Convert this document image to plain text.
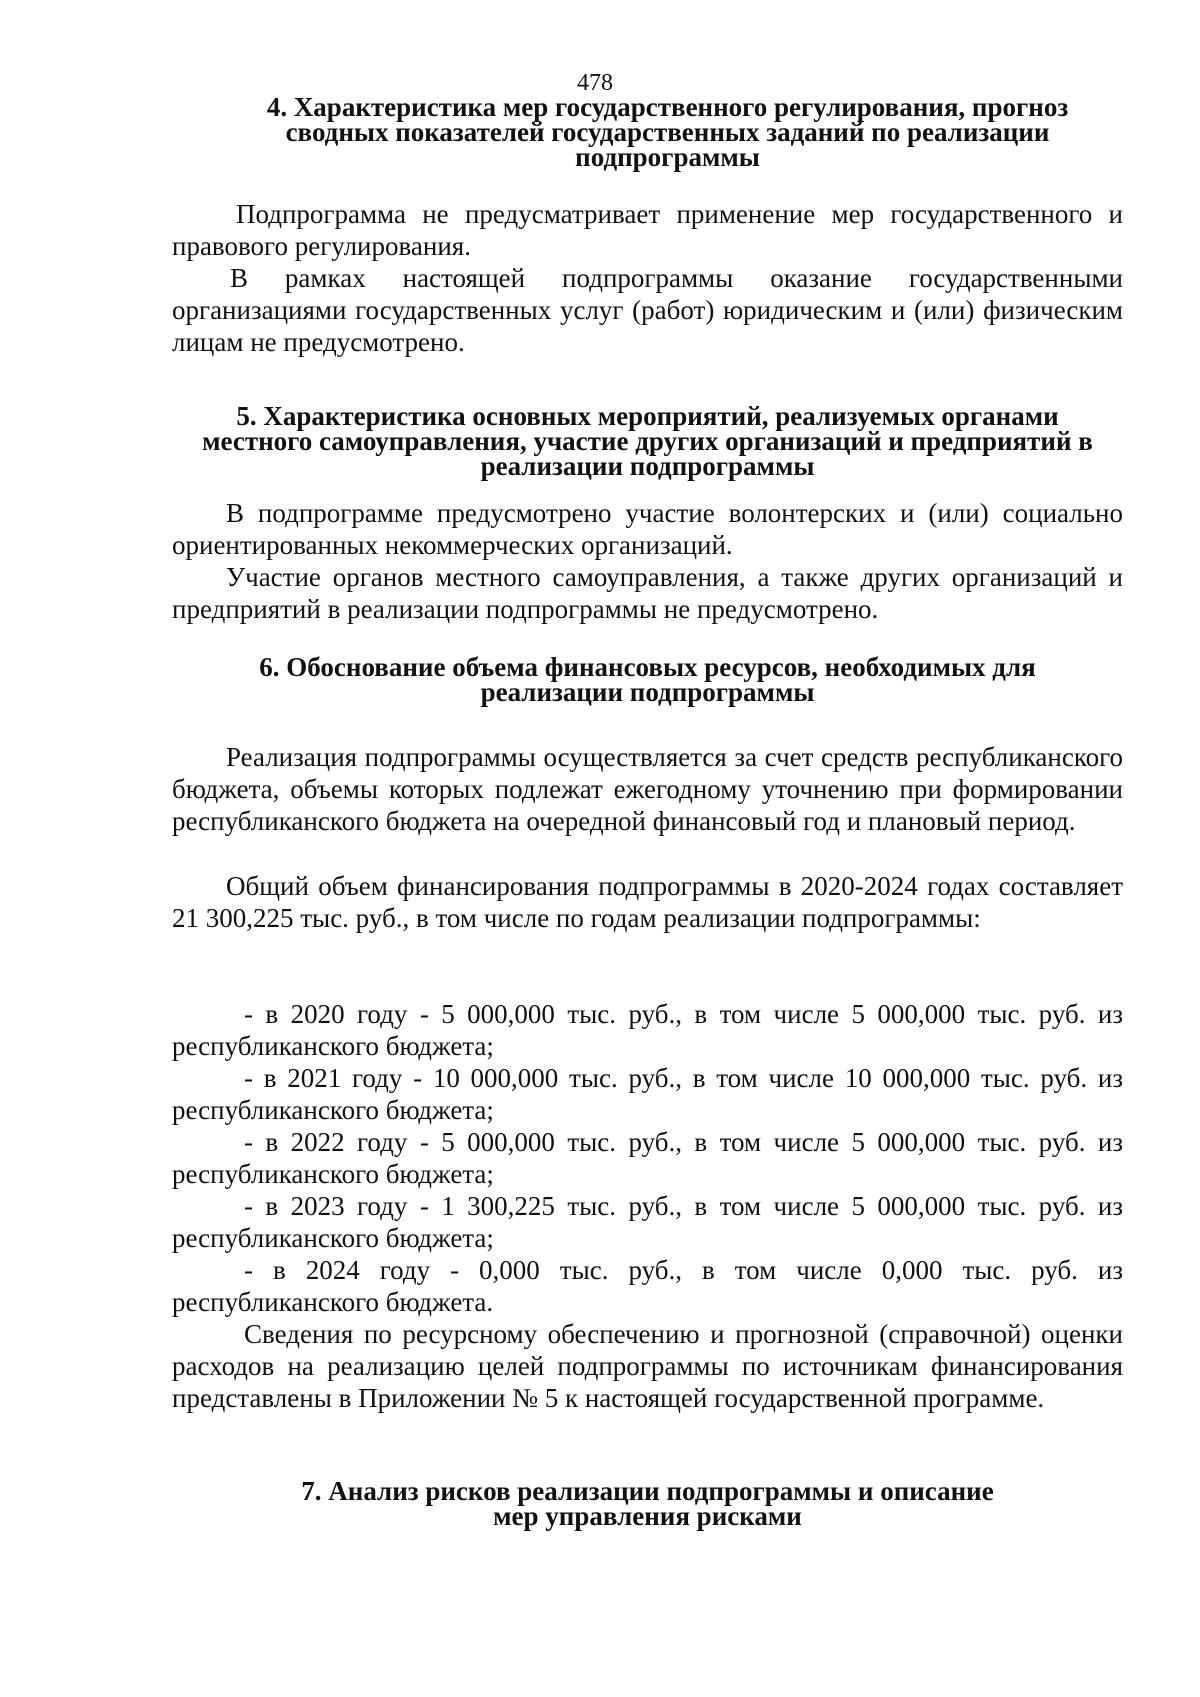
478
4. Характеристика мер государственного регулирования, прогноз
сводных показателей государственных заданий по реализации
подпрограммы
Подпрограмма не предусматривает применение мер государственного и правового регулирования.
В рамках настоящей подпрограммы оказание государственными организациями государственных услуг (работ) юридическим и (или) физическим лицам не предусмотрено.
5. Характеристика основных мероприятий, реализуемых органами
местного самоуправления, участие других организаций и предприятий в
реализации подпрограммы
В подпрограмме предусмотрено участие волонтерских и (или) социально ориентированных некоммерческих организаций.
Участие органов местного самоуправления, а также других организаций и предприятий в реализации подпрограммы не предусмотрено.
6. Обоснование объема финансовых ресурсов, необходимых для
реализации подпрограммы
Реализация подпрограммы осуществляется за счет средств республиканского бюджета, объемы которых подлежат ежегодному уточнению при формировании республиканского бюджета на очередной финансовый год и плановый период.
Общий объем финансирования подпрограммы в 2020-2024 годах составляет 21 300,225 тыс. руб., в том числе по годам реализации подпрограммы:
- в 2020 году - 5 000,000 тыс. руб., в том числе 5 000,000 тыс. руб. из республиканского бюджета;
- в 2021 году - 10 000,000 тыс. руб., в том числе 10 000,000 тыс. руб. из республиканского бюджета;
- в 2022 году - 5 000,000 тыс. руб., в том числе 5 000,000 тыс. руб. из республиканского бюджета;
- в 2023 году - 1 300,225 тыс. руб., в том числе 5 000,000 тыс. руб. из республиканского бюджета;
- в 2024 году - 0,000 тыс. руб., в том числе 0,000 тыс. руб. из республиканского бюджета.
Сведения по ресурсному обеспечению и прогнозной (справочной) оценки расходов на реализацию целей подпрограммы по источникам финансирования представлены в Приложении № 5 к настоящей государственной программе.
7. Анализ рисков реализации подпрограммы и описание
мер управления рисками
